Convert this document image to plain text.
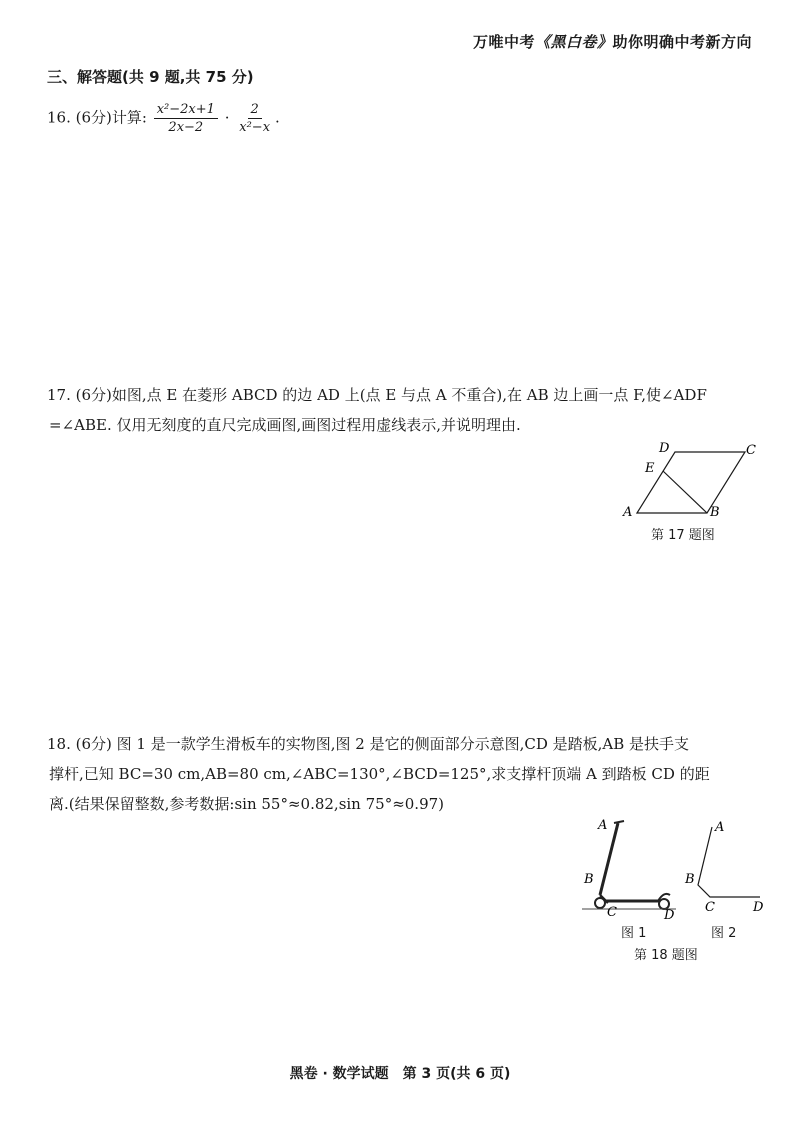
万唯中考《黑白卷》助你明确中考新方向
三、解答题(共 9 题,共 75 分)
16. (6分)计算: $\frac{\text{x²−2x+1}}{2x-2} \cdot \frac{2}{\text{x²−x}}$ .
17. (6分)如图,点 E 在菱形 ABCD 的边 AD 上(点 E 与点 A 不重合),在 AB 边上画一点 F,使∠ADF
=∠ABE. 仅用无刻度的直尺完成画图,画图过程用虚线表示,并说明理由.
A	B
C
D
E
第 17 题图
18. (6分) 图 1 是一款学生滑板车的实物图,图 2 是它的侧面部分示意图,CD 是踏板,AB 是扶手支
撑杆,已知 BC=30 cm,AB=80 cm,∠ABC=130°,∠BCD=125°,求支撑杆顶端 A 到踏板 CD 的距
离.(结果保留整数,参考数据:sin 55°≈0.82,sin 75°≈0.97)
A
B
C	D
A
B
C	D
图 1	图 2
第 18 题图
黑卷 · 数学试题　第 3 页(共 6 页)
